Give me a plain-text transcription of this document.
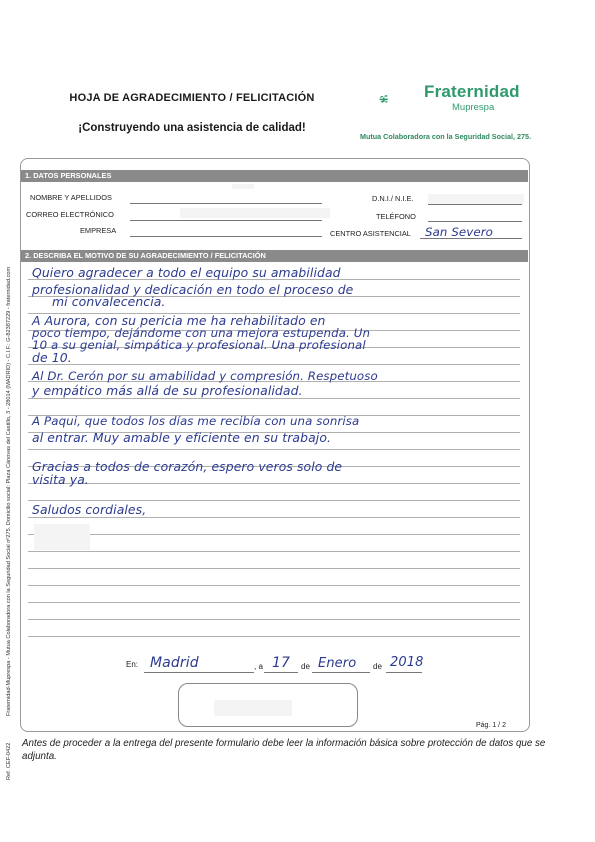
HOJA DE AGRADECIMIENTO / FELICITACIÓN
¡Construyendo una asistencia de calidad!
Fraternidad
Muprespa
Mutua Colaboradora con la Seguridad Social, 275.
Fraternidad-Muprespa - Mutua Colaboradora con la Seguridad Social nº275. Domicilio social: Plaza Cánovas del Castillo, 3 - 28014 (MADRID) - C.I.F.: G-82387229 - fraternidad.com
Ref. CEF-0422
1. DATOS PERSONALES
NOMBRE Y APELLIDOS	D.N.I./ N.I.E.
CORREO ELECTRÓNICO	TELÉFONO
EMPRESA	CENTRO ASISTENCIAL San Severo
2. DESCRIBA EL MOTIVO DE SU AGRADECIMIENTO / FELICITACIÓN
Quiero agradecer a todo el equipo su amabilidad
profesionalidad y dedicación en todo el proceso de
mi convalecencia.
A Aurora, con su pericia me ha rehabilitado en
poco tiempo, dejándome con una mejora estupenda. Un
10 a su genial, simpática y profesional. Una profesional
de 10.
Al Dr. Cerón por su amabilidad y compresión. Respetuoso
y empático más allá de su profesionalidad.
A Paqui, que todos los días me recibía con una sonrisa
al entrar. Muy amable y eficiente en su trabajo.
Gracias a todos de corazón, espero veros solo de
visita ya.
Saludos cordiales,
En: Madrid	, a 17 de Enero de 2018
Pág. 1 / 2
Antes de proceder a la entrega del presente formulario debe leer la información básica sobre protección de datos que se adjunta.
